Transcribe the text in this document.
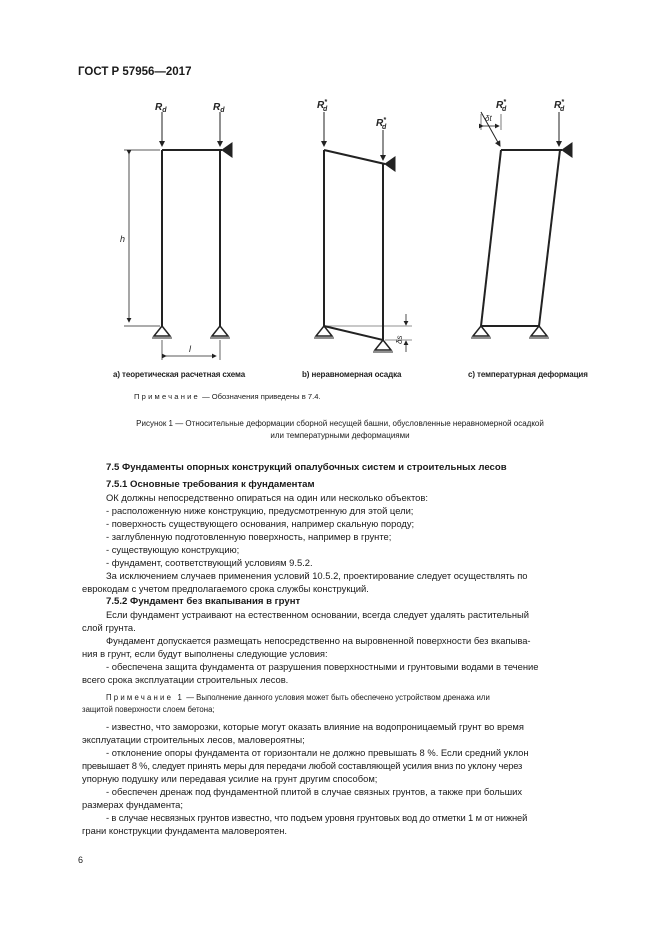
ГОСТ Р 57956—2017
$R_d$	$R_d$
h
l
R* d
R* d
δs
R* d	R* d
δt
а) теоретическая расчетная схема	b) неравномерная осадка	c) температурная деформация
Примечание — Обозначения приведены в 7.4.
Рисунок 1 — Относительные деформации сборной несущей башни, обусловленные неравномерной осадкой
или температурными деформациями
7.5 Фундаменты опорных конструкций опалубочных систем и строительных лесов
7.5.1 Основные требования к фундаментам
ОК должны непосредственно опираться на один или несколько объектов:
- расположенную ниже конструкцию, предусмотренную для этой цели;
- поверхность существующего основания, например скальную породу;
- заглубленную подготовленную поверхность, например в грунте;
- существующую конструкцию;
- фундамент, соответствующий условиям 9.5.2.
За исключением случаев применения условий 10.5.2, проектирование следует осуществлять по
еврокодам с учетом предполагаемого срока службы конструкций.
7.5.2 Фундамент без вкапывания в грунт
Если фундамент устраивают на естественном основании, всегда следует удалять растительный
слой грунта.
Фундамент допускается размещать непосредственно на выровненной поверхности без вкапыва-
ния в грунт, если будут выполнены следующие условия:
- обеспечена защита фундамента от разрушения поверхностными и грунтовыми водами в течение
всего срока эксплуатации строительных лесов.
Примечание 1 — Выполнение данного условия может быть обеспечено устройством дренажа или
защитой поверхности слоем бетона;
- известно, что заморозки, которые могут оказать влияние на водопроницаемый грунт во время
эксплуатации строительных лесов, маловероятны;
- отклонение опоры фундамента от горизонтали не должно превышать 8 %. Если средний уклон
превышает 8 %, следует принять меры для передачи любой составляющей усилия вниз по уклону через
упорную подушку или передавая усилие на грунт другим способом;
- обеспечен дренаж под фундаментной плитой в случае связных грунтов, а также при больших
размерах фундамента;
- в случае несвязных грунтов известно, что подъем уровня грунтовых вод до отметки 1 м от нижней
грани конструкции фундамента маловероятен.
6
